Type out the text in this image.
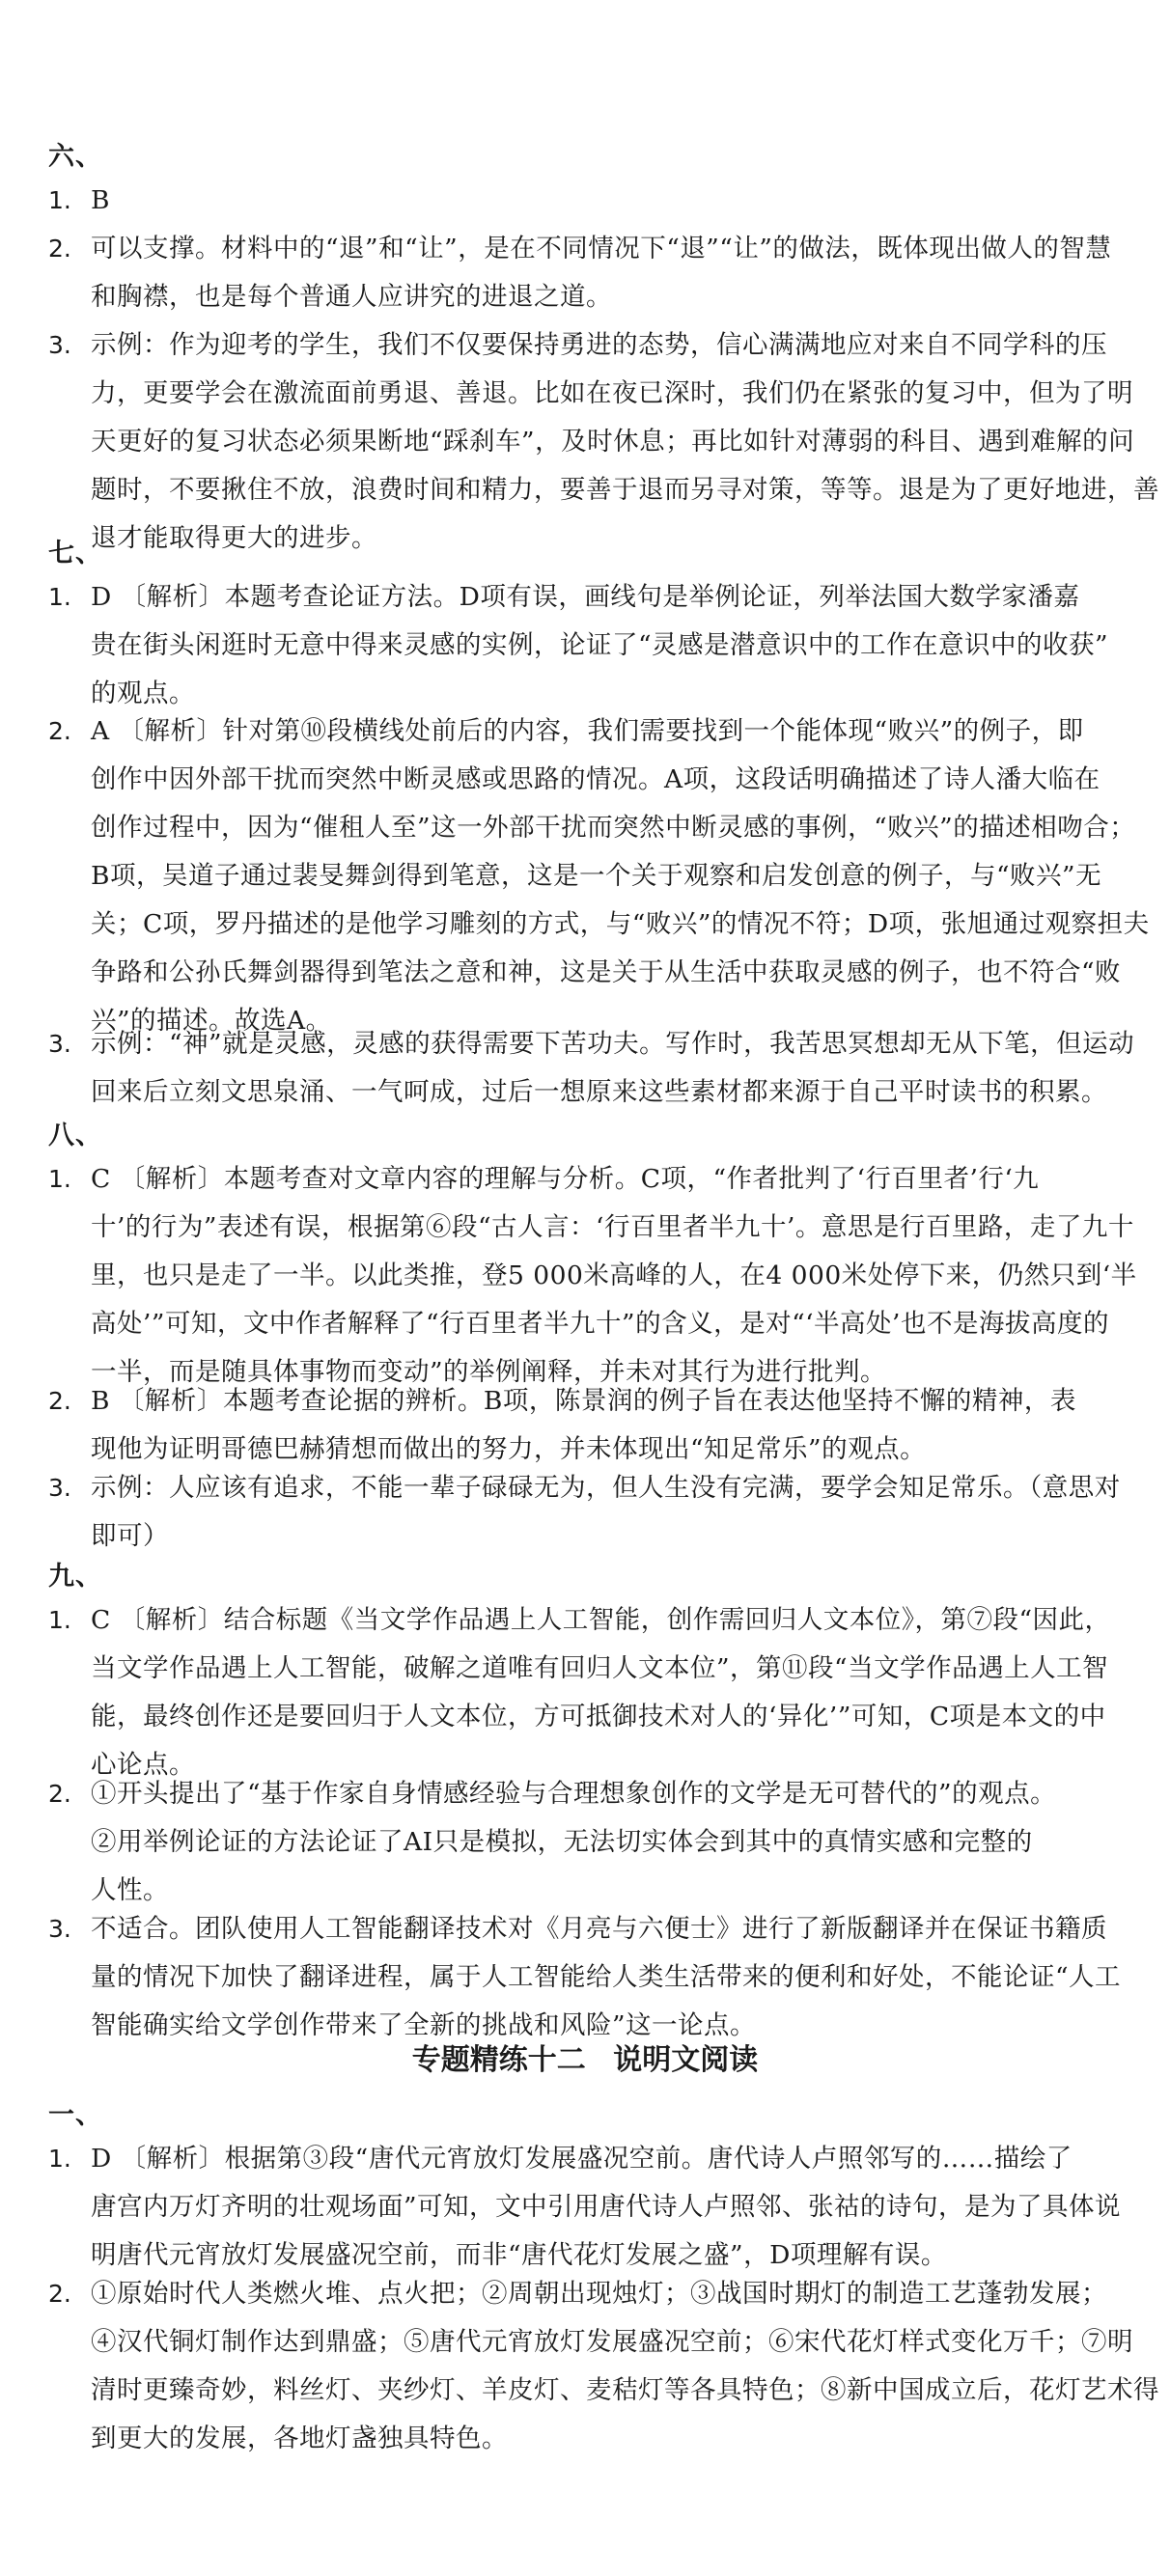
六、
1. B
2. 可以支撑。材料中的“退”和“让”，是在不同情况下“退”“让”的做法，既体现出做人的智慧
和胸襟，也是每个普通人应讲究的进退之道。
3. 示例：作为迎考的学生，我们不仅要保持勇进的态势，信心满满地应对来自不同学科的压
力，更要学会在激流面前勇退、善退。比如在夜已深时，我们仍在紧张的复习中，但为了明
天更好的复习状态必须果断地“踩刹车”，及时休息；再比如针对薄弱的科目、遇到难解的问
题时，不要揪住不放，浪费时间和精力，要善于退而另寻对策，等等。退是为了更好地进，善
退才能取得更大的进步。
七、
1. D 〔解析〕本题考查论证方法。D项有误，画线句是举例论证，列举法国大数学家潘嘉
贵在街头闲逛时无意中得来灵感的实例，论证了“灵感是潜意识中的工作在意识中的收获”
的观点。
2. A 〔解析〕针对第⑩段横线处前后的内容，我们需要找到一个能体现“败兴”的例子，即
创作中因外部干扰而突然中断灵感或思路的情况。A项，这段话明确描述了诗人潘大临在
创作过程中，因为“催租人至”这一外部干扰而突然中断灵感的事例，“败兴”的描述相吻合；
B项，吴道子通过裴旻舞剑得到笔意，这是一个关于观察和启发创意的例子，与“败兴”无
关；C项，罗丹描述的是他学习雕刻的方式，与“败兴”的情况不符；D项，张旭通过观察担夫
争路和公孙氏舞剑器得到笔法之意和神，这是关于从生活中获取灵感的例子，也不符合“败
兴”的描述。故选A。
3. 示例：“神”就是灵感，灵感的获得需要下苦功夫。写作时，我苦思冥想却无从下笔，但运动
回来后立刻文思泉涌、一气呵成，过后一想原来这些素材都来源于自己平时读书的积累。
八、
1. C 〔解析〕本题考查对文章内容的理解与分析。C项，“作者批判了‘行百里者’行‘九
十’的行为”表述有误，根据第⑥段“古人言：‘行百里者半九十’。意思是行百里路，走了九十
里，也只是走了一半。以此类推，登5 000米高峰的人，在4 000米处停下来，仍然只到‘半
高处’”可知，文中作者解释了“行百里者半九十”的含义，是对“‘半高处’也不是海拔高度的
一半，而是随具体事物而变动”的举例阐释，并未对其行为进行批判。
2. B 〔解析〕本题考查论据的辨析。B项，陈景润的例子旨在表达他坚持不懈的精神，表
现他为证明哥德巴赫猜想而做出的努力，并未体现出“知足常乐”的观点。
3. 示例：人应该有追求，不能一辈子碌碌无为，但人生没有完满，要学会知足常乐。（意思对
即可）
九、
1. C 〔解析〕结合标题《当文学作品遇上人工智能，创作需回归人文本位》，第⑦段“因此，
当文学作品遇上人工智能，破解之道唯有回归人文本位”，第⑪段“当文学作品遇上人工智
能，最终创作还是要回归于人文本位，方可抵御技术对人的‘异化’”可知，C项是本文的中
心论点。
2. ①开头提出了“基于作家自身情感经验与合理想象创作的文学是无可替代的”的观点。
②用举例论证的方法论证了AI只是模拟，无法切实体会到其中的真情实感和完整的
人性。
3. 不适合。团队使用人工智能翻译技术对《月亮与六便士》进行了新版翻译并在保证书籍质
量的情况下加快了翻译进程，属于人工智能给人类生活带来的便利和好处，不能论证“人工
智能确实给文学创作带来了全新的挑战和风险”这一论点。
专题精练十二 说明文阅读
一、
1. D 〔解析〕根据第③段“唐代元宵放灯发展盛况空前。唐代诗人卢照邻写的……描绘了
唐宫内万灯齐明的壮观场面”可知，文中引用唐代诗人卢照邻、张祜的诗句，是为了具体说
明唐代元宵放灯发展盛况空前，而非“唐代花灯发展之盛”，D项理解有误。
2. ①原始时代人类燃火堆、点火把；②周朝出现烛灯；③战国时期灯的制造工艺蓬勃发展；
④汉代铜灯制作达到鼎盛；⑤唐代元宵放灯发展盛况空前；⑥宋代花灯样式变化万千；⑦明
清时更臻奇妙，料丝灯、夹纱灯、羊皮灯、麦秸灯等各具特色；⑧新中国成立后，花灯艺术得
到更大的发展，各地灯盏独具特色。
